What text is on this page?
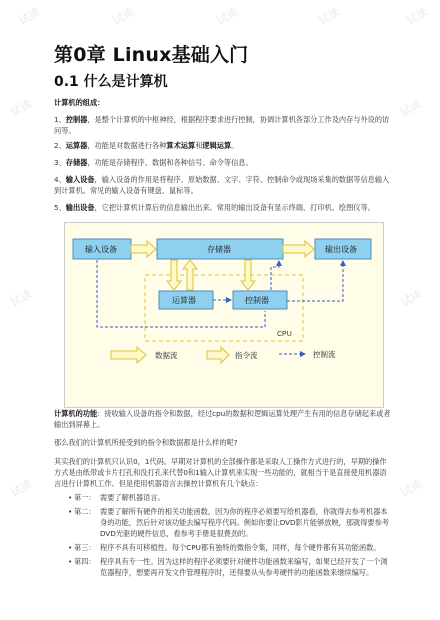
试读	试读	试读	试读	试读
试读	试读
试读	试读
试读	试读
第0章 Linux基础入门
0.1 什么是计算机

计算机的组成：

1、控制器，是整个计算机的中枢神经，根据程序要求进行控制，协调计算机各部分工作及内存与外设的访问等。

2、运算器，功能是对数据进行各种算术运算和逻辑运算。

3、存储器，功能是存储程序、数据和各种信号、命令等信息。

4、输入设备，输入设备的作用是将程序、原始数据、文字、字符、控制命令或现场采集的数据等信息输入到计算机。常见的输入设备有键盘、鼠标等。

5、输出设备，它把计算机计算后的信息输出出来。常用的输出设备有显示终端、打印机、绘图仪等。

CPU
输入设备	存储器	输出设备
运算器	控制器
数据流	指令流	控制流

计算机的功能：接收输入设备的指令和数据，经过cpu的数据和逻辑运算处理产生有用的信息存储起来或者输出到屏幕上。

那么我们的计算机所接受到的指令和数据都是什么样的呢?

其实我们的计算机只认识0，1代码。早期对计算机的全部操作都是采取人工操作方式进行的，早期的操作方式是由纸带或卡片打孔和没打孔来代替0和1输入计算机来实现一些功能的，就相当于是直接使用机器语言进行计算机工作。但是使用机器语言去操控计算机有几个缺点：

• 第一： 需要了解机器语言。
• 第二： 需要了解所有硬件的相关功能函数，因为你的程序必须要写给机器看，你就得去参考机器本身的功能，然后针对该功能去编写程序代码。例如你要让DVD影片能够放映，那就得要参考DVD光驱的硬件信息，看参考手册是很费劲的。
• 第三： 程序不具有可移植性。每个CPU都有独特的微指令集，同样，每个硬件都有其功能函数。
• 第四： 程序具有专一性。因为这样的程序必须要针对硬件功能函数来编写，如果已经开发了一个浏览器程序，想要再开发文件管理程序时，还得要从头参考硬件的功能函数来继续编写。
